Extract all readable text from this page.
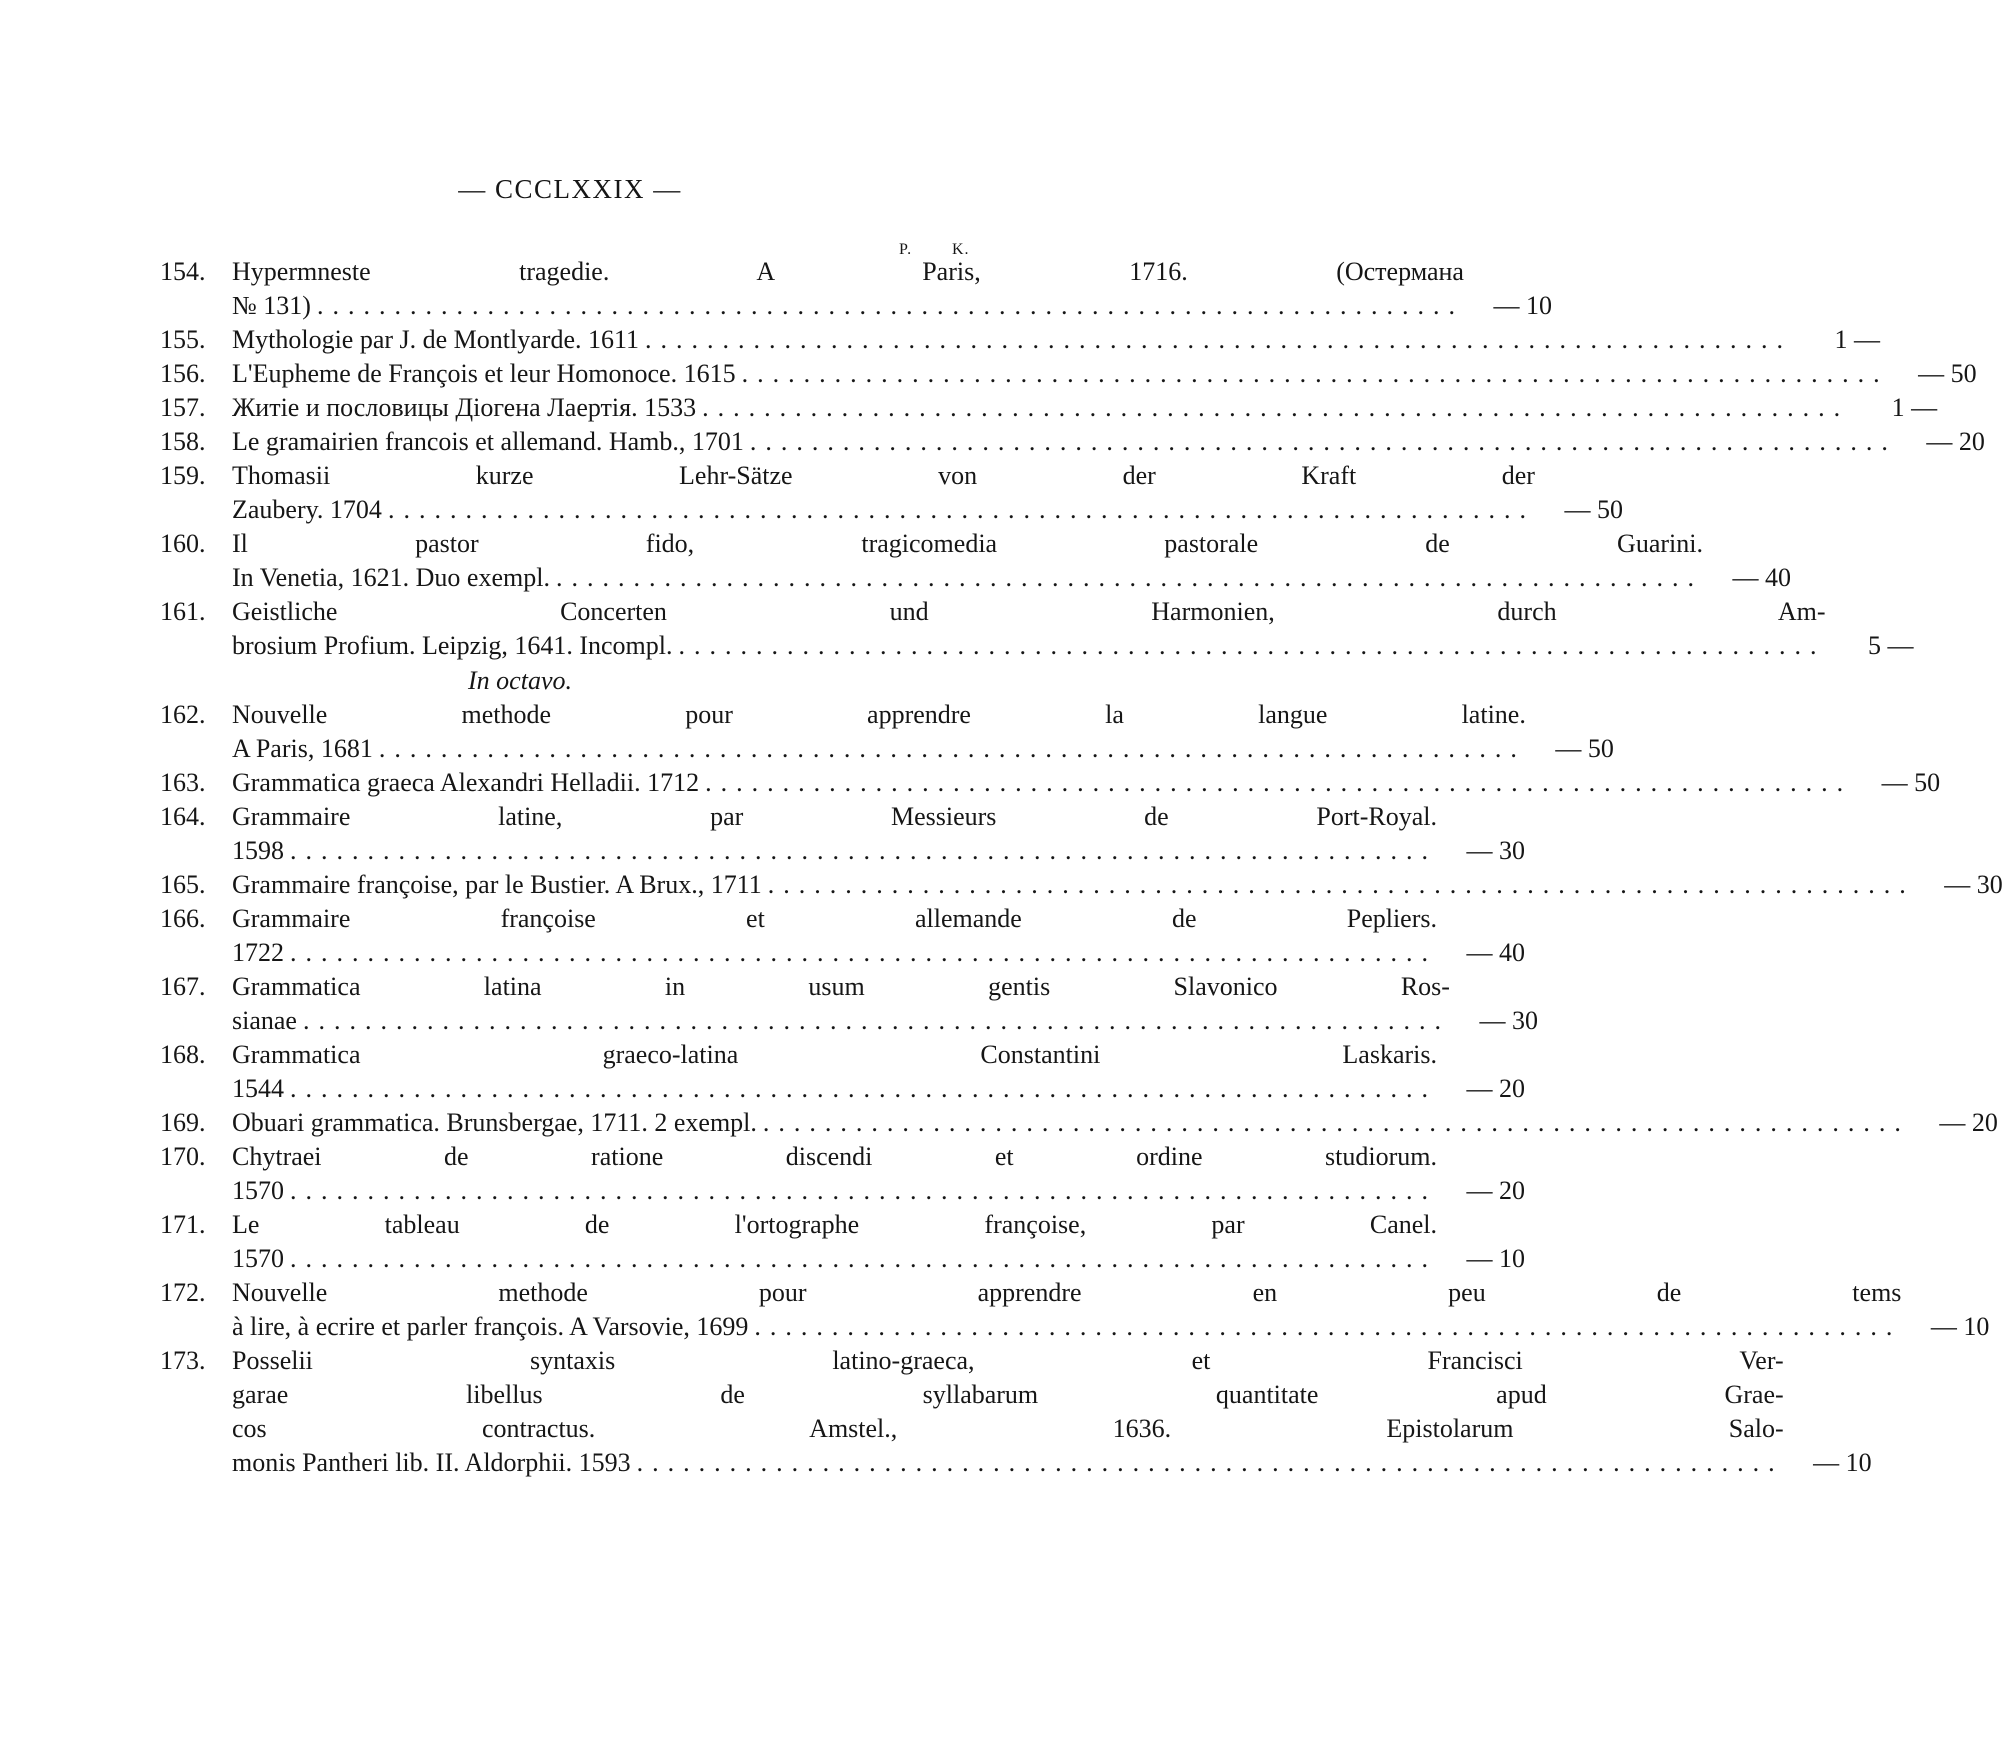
— CCCLXXIX —
P. K.
154.	Hypermneste tragedie. A Paris, 1716. (Остермана
№ 131) ..........................................................................	— 10
155.	Mythologie par J. de Montlyarde. 1611 ..........................................................................	1 —
156.	L'Eupheme de François et leur Homonoce. 1615 ..........................................................................	— 50
157.	Житіе и пословицы Діогена Лаертія. 1533 ..........................................................................	1 —
158.	Le gramairien francois et allemand. Hamb., 1701 ..........................................................................	— 20
159.	Thomasii kurze Lehr-Sätze von der Kraft der
Zaubery. 1704 ..........................................................................	— 50
160.	Il pastor fido, tragicomedia pastorale de Guarini.
In Venetia, 1621. Duo exempl. ..........................................................................	— 40
161.	Geistliche Concerten und Harmonien, durch Am-
brosium Profium. Leipzig, 1641. Incompl. ..........................................................................	5 —
In octavo.
162.	Nouvelle methode pour apprendre la langue latine.
A Paris, 1681 ..........................................................................	— 50
163.	Grammatica graeca Alexandri Helladii. 1712 ..........................................................................	— 50
164.	Grammaire latine, par Messieurs de Port-Royal.
1598 ..........................................................................	— 30
165.	Grammaire françoise, par le Bustier. A Brux., 1711 ..........................................................................	— 30
166.	Grammaire françoise et allemande de Pepliers.
1722 ..........................................................................	— 40
167.	Grammatica latina in usum gentis Slavonico Ros-
sianae ..........................................................................	— 30
168.	Grammatica graeco-latina Constantini Laskaris.
1544 ..........................................................................	— 20
169.	Obuari grammatica. Brunsbergae, 1711. 2 exempl. ..........................................................................	— 20
170.	Chytraei de ratione discendi et ordine studiorum.
1570 ..........................................................................	— 20
171.	Le tableau de l'ortographe françoise, par Canel.
1570 ..........................................................................	— 10
172.	Nouvelle methode pour apprendre en peu de tems
à lire, à ecrire et parler françois. A Varsovie, 1699 ..........................................................................	— 10
173.	Posselii syntaxis latino-graeca, et Francisci Ver-
garae libellus de syllabarum quantitate apud Grae-
cos contractus. Amstel., 1636. Epistolarum Salo-
monis Pantheri lib. II. Aldorphii. 1593 ..........................................................................	— 10
